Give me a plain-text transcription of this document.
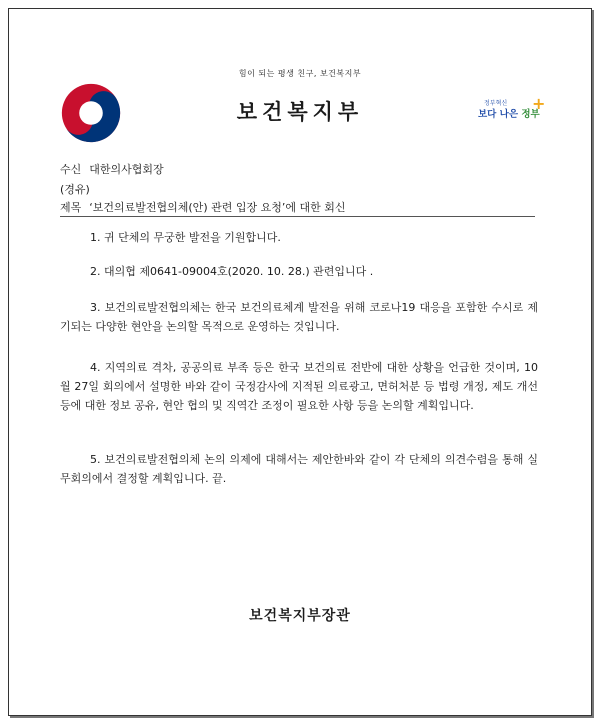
힘이 되는 평생 친구, 보건복지부
보건복지부	정부혁신
보다 나은 정부
+
수신 대한의사협회장
(경유)
제목 ‘보건의료발전협의체(안) 관련 입장 요청’에 대한 회신

1. 귀 단체의 무궁한 발전을 기원합니다.

2. 대의협 제0641-09004호(2020. 10. 28.) 관련입니다 .

3. 보건의료발전협의체는 한국 보건의료체계 발전을 위해 코로나19 대응을 포함한 수시로 제기되는 다양한 현안을 논의할 목적으로 운영하는 것입니다.

4. 지역의료 격차, 공공의료 부족 등은 한국 보건의료 전반에 대한 상황을 언급한 것이며, 10월 27일 회의에서 설명한 바와 같이 국정감사에 지적된 의료광고, 면허처분 등 법령 개정, 제도 개선 등에 대한 정보 공유, 현안 협의 및 직역간 조정이 필요한 사항 등을 논의할 계획입니다.

5. 보건의료발전협의체 논의 의제에 대해서는 제안한바와 같이 각 단체의 의견수렴을 통해 실무회의에서 결정할 계획입니다. 끝.

보건복지부장관
